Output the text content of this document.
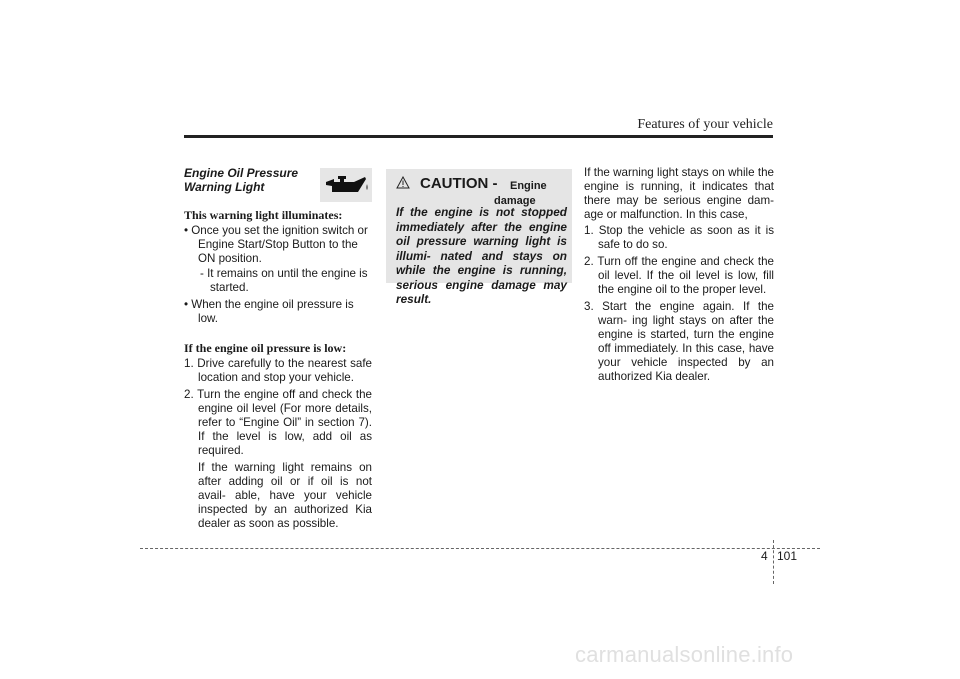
Features of your vehicle

Engine Oil Pressure

Warning Light

This warning light illuminates:

• Once you set the ignition switch or Engine Start/Stop Button to the ON position.

- It remains on until the engine is started.

• When the engine oil pressure is low.

If the engine oil pressure is low:

1. Drive carefully to the nearest safe location and stop your vehicle.

2. Turn the engine off and check the engine oil level (For more details, refer to “Engine Oil” in section 7). If the level is low, add oil as required.

If the warning light remains on after adding oil or if oil is not avail- able, have your vehicle inspected by an authorized Kia dealer as soon as possible.

CAUTION - Engine
damage

If the engine is not stopped immediately after the engine oil pressure warning light is illumi- nated and stays on while the engine is running, serious engine damage may result.

If the warning light stays on while the engine is running, it indicates that there may be serious engine dam- age or malfunction. In this case,

1. Stop the vehicle as soon as it is safe to do so.

2. Turn off the engine and check the oil level. If the oil level is low, fill the engine oil to the proper level.

3. Start the engine again. If the warn- ing light stays on after the engine is started, turn the engine off immediately. In this case, have your vehicle inspected by an authorized Kia dealer.

4 101
carmanualsonline.info
